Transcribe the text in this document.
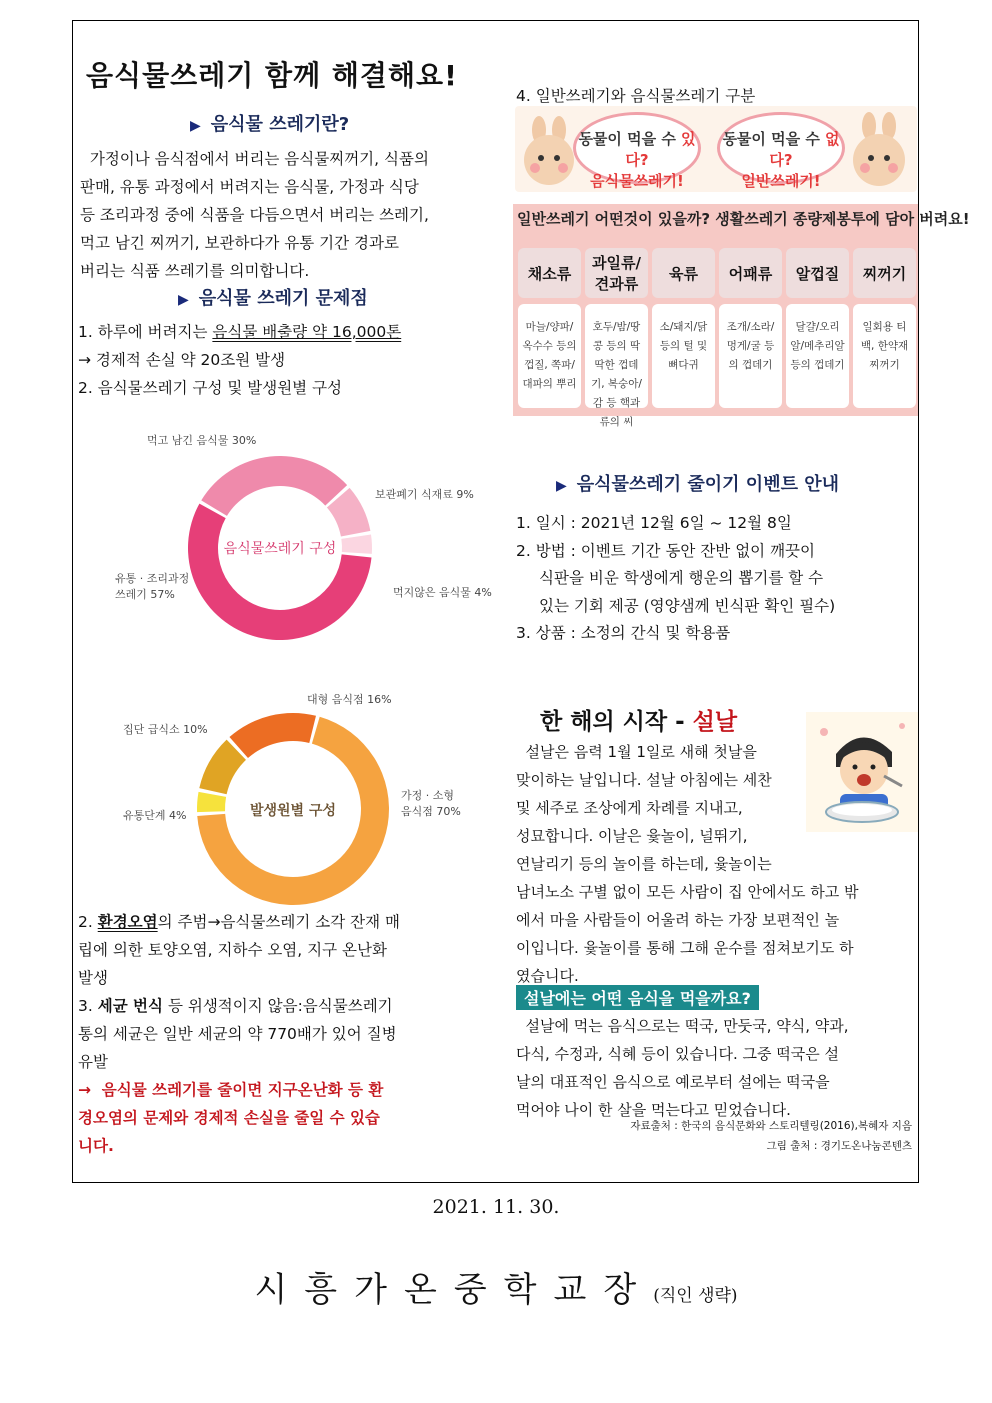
음식물쓰레기 함께 해결해요!
▶ 음식물 쓰레기란?

가정이나 음식점에서 버리는 음식물찌꺼기, 식품의

판매, 유통 과정에서 버려지는 음식물, 가정과 식당

등 조리과정 중에 식품을 다듬으면서 버리는 쓰레기,

먹고 남긴 찌꺼기, 보관하다가 유통 기간 경과로

버리는 식품 쓰레기를 의미합니다.

▶ 음식물 쓰레기 문제점

1. 하루에 버려지는 음식물 배출량 약 16,000톤

→ 경제적 손실 약 20조원 발생

2. 음식물쓰레기 구성 및 발생원별 구성

음식물쓰레기 구성
먹고 남긴 음식물 30%
보관폐기 식재료 9%
먹지않은 음식물 4%
유통 · 조리과정
쓰레기 57%
발생원별 구성
대형 음식점 16%
집단 급식소 10%
유통단계 4%
가정 · 소형
음식점 70%

2. 환경오염의 주범→음식물쓰레기 소각 잔재 매

립에 의한 토양오염, 지하수 오염, 지구 온난화

발생

3. 세균 번식 등 위생적이지 않음:음식물쓰레기

통의 세균은 일반 세균의 약 770배가 있어 질병

유발

→  음식물 쓰레기를 줄이면 지구온난화 등 환

경오염의 문제와 경제적 손실을 줄일 수 있습

니다.

4. 일반쓰레기와 음식물쓰레기 구분
동물이 먹을 수 있다?
음식물쓰레기!
동물이 먹을 수 없다?
일반쓰레기!
일반쓰레기 어떤것이 있을까? 생활쓰레기 종량제봉투에 담아 버려요!
채소류
마늘/양파/옥수수 등의 껍질, 쪽파/대파의 뿌리
과일류/견과류
호두/밤/땅콩 등의 딱딱한 껍데기, 복숭아/감 등 핵과류의 씨
육류
소/돼지/닭 등의 털 및 뼈다귀
어패류
조개/소라/멍게/굴 등의 껍데기
알껍질
달걀/오리알/메추리알 등의 껍데기
찌꺼기
일회용 티백, 한약재 찌꺼기
▶ 음식물쓰레기 줄이기 이벤트 안내

1. 일시 : 2021년 12월 6일 ~ 12월 8일

2. 방법 : 이벤트 기간 동안 잔반 없이 깨끗이

식판을 비운 학생에게 행운의 뽑기를 할 수

있는 기회 제공 (영양샘께 빈식판 확인 필수)

3. 상품 : 소정의 간식 및 학용품

한 해의 시작 - 설날

설날은 음력 1월 1일로 새해 첫날을

맞이하는 날입니다. 설날 아침에는 세찬

및 세주로 조상에게 차례를 지내고,

성묘합니다. 이날은 윷놀이, 널뛰기,

연날리기 등의 놀이를 하는데, 윷놀이는

남녀노소 구별 없이 모든 사람이 집 안에서도 하고 밖

에서 마을 사람들이 어울려 하는 가장 보편적인 놀

이입니다. 윷놀이를 통해 그해 운수를 점쳐보기도 하

였습니다.

설날에는 어떤 음식을 먹을까요?

설날에 먹는 음식으로는 떡국, 만둣국, 약식, 약과,

다식, 수정과, 식혜 등이 있습니다. 그중 떡국은 설

날의 대표적인 음식으로 예로부터 설에는 떡국을

먹어야 나이 한 살을 먹는다고 믿었습니다.

자료출처 : 한국의 음식문화와 스토리텔링(2016),복혜자 지음
그림 출처 : 경기도온나눔콘텐츠
2021. 11. 30.
시흥가온중학교장(직인 생략)
